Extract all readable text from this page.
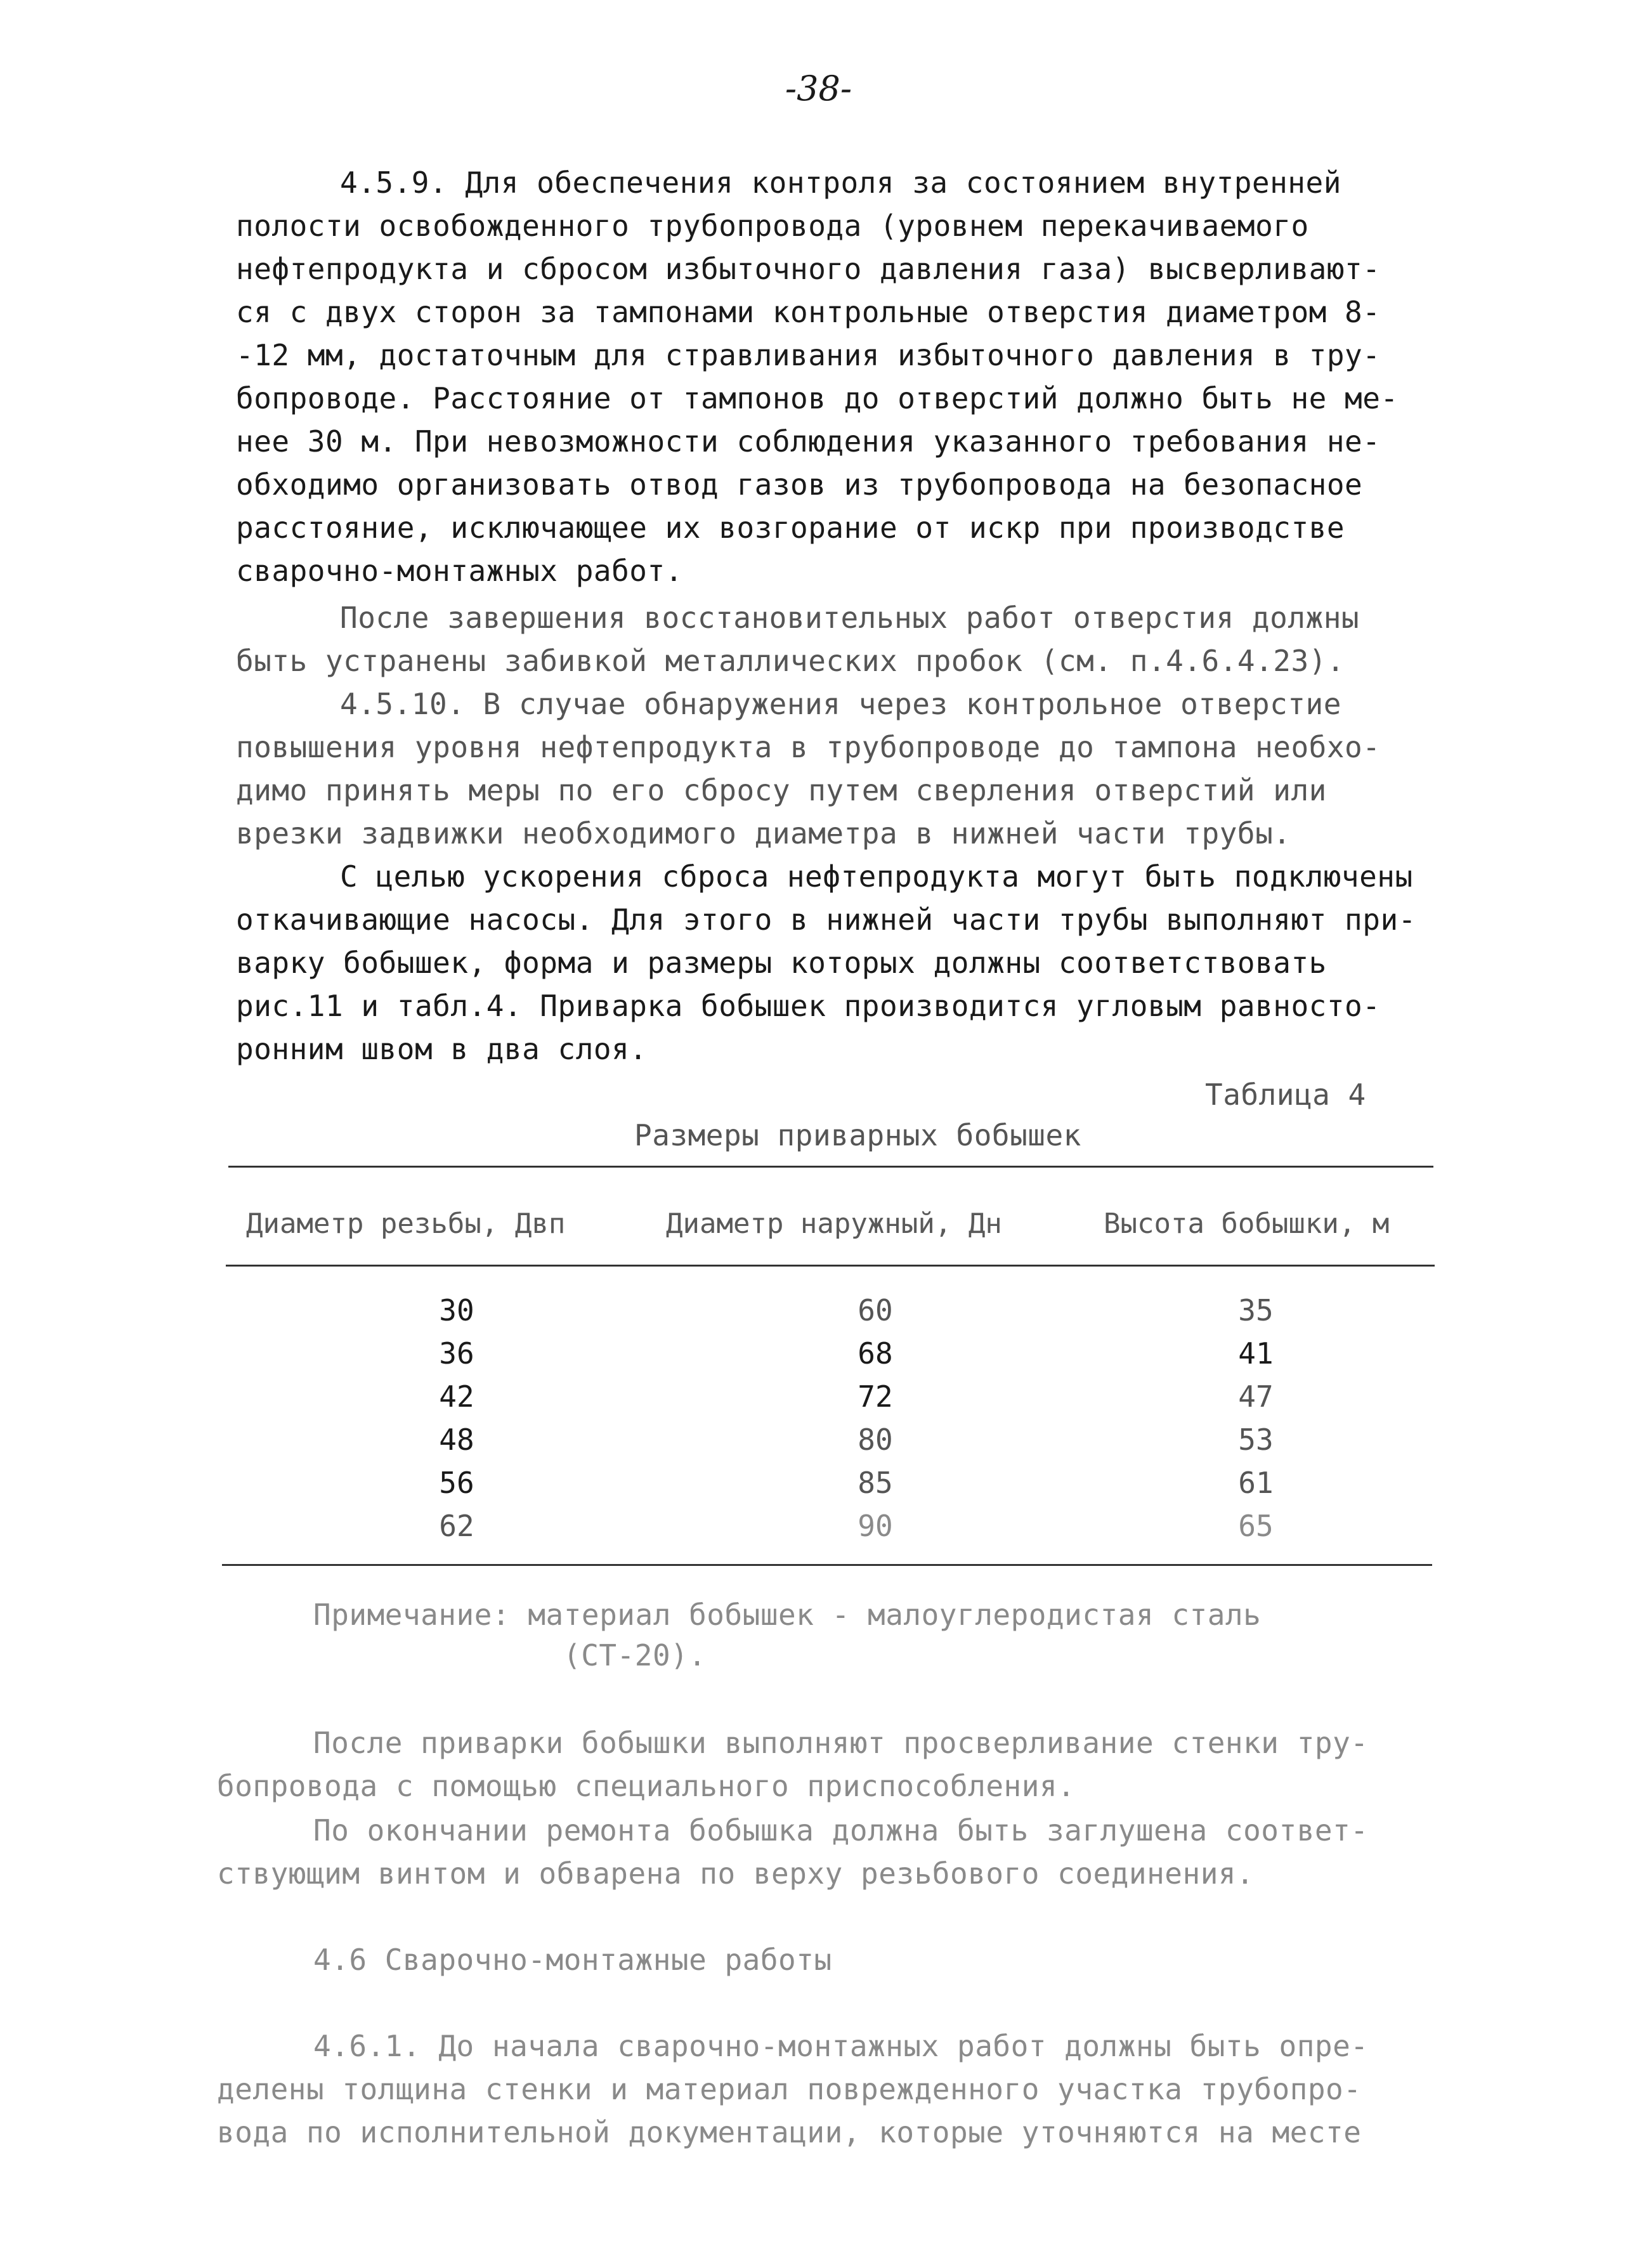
-38-
4.5.9. Для обеспечения контроля за состоянием внутренней
полости освобожденного трубопровода (уровнем перекачиваемого
нефтепродукта и сбросом избыточного давления газа) высверливают-
ся с двух сторон за тампонами контрольные отверстия диаметром 8-
-12 мм, достаточным для стравливания избыточного давления в тру-
бопроводе. Расстояние от тампонов до отверстий должно быть не ме-
нее 30 м. При невозможности соблюдения указанного требования не-
обходимо организовать отвод газов из трубопровода на безопасное
расстояние, исключающее их возгорание от искр при производстве
сварочно-монтажных работ.
После завершения восстановительных работ отверстия должны
быть устранены забивкой металлических пробок (см. п.4.6.4.23).
4.5.10. В случае обнаружения через контрольное отверстие
повышения уровня нефтепродукта в трубопроводе до тампона необхо-
димо принять меры по его сбросу путем сверления отверстий или
врезки задвижки необходимого диаметра в нижней части трубы.
С целью ускорения сброса нефтепродукта могут быть подключены
откачивающие насосы. Для этого в нижней части трубы выполняют при-
варку бобышек, форма и размеры которых должны соответствовать
рис.11 и табл.4. Приварка бобышек производится угловым равносто-
ронним швом в два слоя.
Таблица 4
Размеры приварных бобышек
Диаметр резьбы, Двп	Диаметр наружный, Дн	Высота бобышки, м
30	60	35
36	68	41
42	72	47
48	80	53
56	85	61
62	90	65
Примечание: материал бобышек - малоуглеродистая сталь
(СТ-20).
После приварки бобышки выполняют просверливание стенки тру-
бопровода с помощью специального приспособления.
По окончании ремонта бобышка должна быть заглушена соответ-
ствующим винтом и обварена по верху резьбового соединения.
4.6 Сварочно-монтажные работы
4.6.1. До начала сварочно-монтажных работ должны быть опре-
делены толщина стенки и материал поврежденного участка трубопро-
вода по исполнительной документации, которые уточняются на месте
